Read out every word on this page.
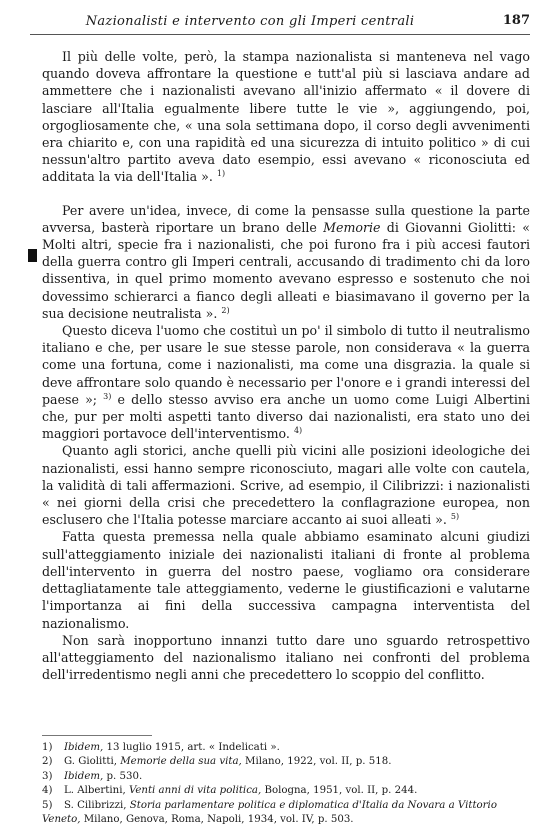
Nazionalisti e intervento con gli Imperi centrali	187

Il più delle volte, però, la stampa nazionalista si manteneva nel vago quando doveva affrontare la questione e tutt'al più si lasciava andare ad ammettere che i nazionalisti avevano all'inizio affermato « il dovere di lasciare all'Italia egualmente libere tutte le vie », aggiungendo, poi, orgogliosamente che, « una sola settimana dopo, il corso degli avvenimenti era chiarito e, con una rapidità ed una sicurezza di intuito politico » di cui nessun'altro partito aveva dato esempio, essi avevano « riconosciuta ed additata la via dell'Italia ». $^{1)}$

Per avere un'idea, invece, di come la pensasse sulla questione la parte avversa, basterà riportare un brano delle Memorie di Giovanni Giolitti: « Molti altri, specie fra i nazionalisti, che poi furono fra i più accesi fautori della guerra contro gli Imperi centrali, accusando di tradimento chi da loro dissentiva, in quel primo momento avevano espresso e sostenuto che noi dovessimo schierarci a fianco degli alleati e biasimavano il governo per la sua decisione neutralista ». $^{2)}$

Questo diceva l'uomo che costituì un po' il simbolo di tutto il neutralismo italiano e che, per usare le sue stesse parole, non considerava « la guerra come una fortuna, come i nazionalisti, ma come una disgrazia. la quale si deve affrontare solo quando è necessario per l'onore e i grandi interessi del paese »; $^{3)}$ e dello stesso avviso era anche un uomo come Luigi Albertini che, pur per molti aspetti tanto diverso dai nazionalisti, era stato uno dei maggiori portavoce dell'interventismo. $^{4)}$

Quanto agli storici, anche quelli più vicini alle posizioni ideologiche dei nazionalisti, essi hanno sempre riconosciuto, magari alle volte con cautela, la validità di tali affermazioni. Scrive, ad esempio, il Cilibrizzi: i nazionalisti « nei giorni della crisi che precedettero la conflagrazione europea, non esclusero che l'Italia potesse marciare accanto ai suoi alleati ». $^{5)}$

Fatta questa premessa nella quale abbiamo esaminato alcuni giudizi sull'atteggiamento iniziale dei nazionalisti italiani di fronte al problema dell'intervento in guerra del nostro paese, vogliamo ora considerare dettagliatamente tale atteggiamento, vederne le giustificazioni e valutarne l'importanza ai fini della successiva campagna interventista del nazionalismo.

Non sarà inopportuno innanzi tutto dare uno sguardo retrospettivo all'atteggiamento del nazionalismo italiano nei confronti del problema dell'irredentismo negli anni che precedettero lo scoppio del conflitto.

1) Ibidem, 13 luglio 1915, art. « Indelicati ».
2) G. Giolitti, Memorie della sua vita, Milano, 1922, vol. II, p. 518.
3) Ibidem, p. 530.
4) L. Albertini, Venti anni di vita politica, Bologna, 1951, vol. II, p. 244.
5) S. Cilibrizzi, Storia parlamentare politica e diplomatica d'Italia da Novara a Vittorio Veneto, Milano, Genova, Roma, Napoli, 1934, vol. IV, p. 503.
